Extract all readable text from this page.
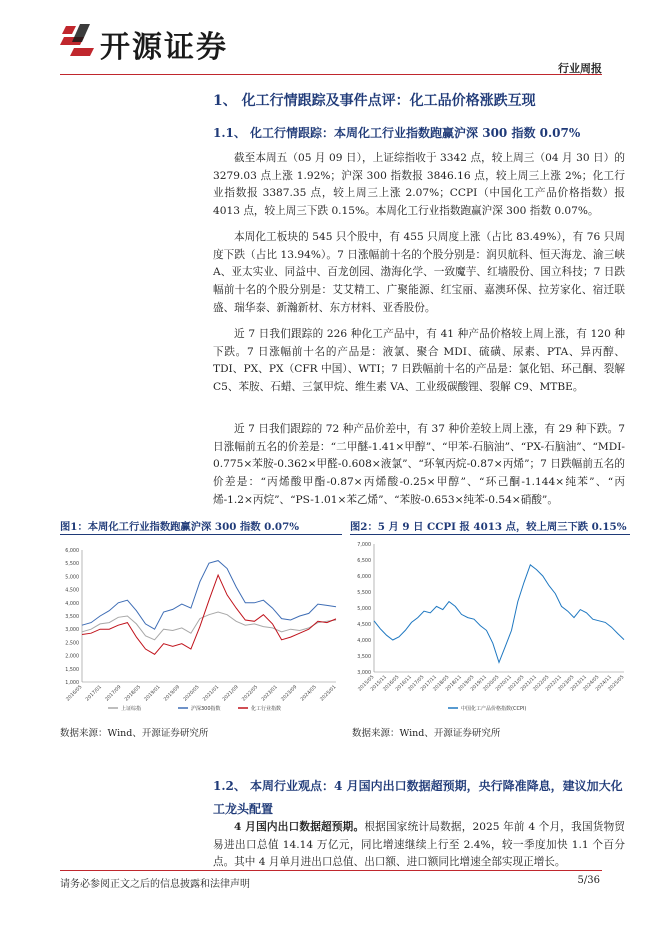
开源证券
行业周报
1、 化工行情跟踪及事件点评：化工品价格涨跌互现
1.1、 化工行情跟踪：本周化工行业指数跑赢沪深 300 指数 0.07%

截至本周五（05 月 09 日），上证综指收于 3342 点，较上周三（04 月 30 日）的 3279.03 点上涨 1.92%；沪深 300 指数报 3846.16 点，较上周三上涨 2%；化工行业指数报 3387.35 点，较上周三上涨 2.07%；CCPI（中国化工产品价格指数）报 4013 点，较上周三下跌 0.15%。本周化工行业指数跑赢沪深 300 指数 0.07%。

本周化工板块的 545 只个股中，有 455 只周度上涨（占比 83.49%），有 76 只周度下跌（占比 13.94%）。7 日涨幅前十名的个股分别是：润贝航科、恒天海龙、渝三峡 A、亚太实业、同益中、百龙创园、渤海化学、一致魔芋、红墙股份、国立科技；7 日跌幅前十名的个股分别是：艾艾精工、广聚能源、红宝丽、嘉澳环保、拉芳家化、宿迁联盛、瑞华泰、新瀚新材、东方材料、亚香股份。

近 7 日我们跟踪的 226 种化工产品中，有 41 种产品价格较上周上涨，有 120 种下跌。7 日涨幅前十名的产品是：液氯、聚合 MDI、硫磺、尿素、PTA、异丙醇、TDI、PX、PX（CFR 中国）、WTI；7 日跌幅前十名的产品是：氯化铝、环己酮、裂解 C5、苯胺、石蜡、三氯甲烷、维生素 VA、工业级碳酸锂、裂解 C9、MTBE。

近 7 日我们跟踪的 72 种产品价差中，有 37 种价差较上周上涨，有 29 种下跌。7 日涨幅前五名的价差是：“二甲醚-1.41×甲醇”、“甲苯-石脑油”、“PX-石脑油”、“MDI-0.775×苯胺-0.362×甲醛-0.608×液氯”、“环氧丙烷-0.87×丙烯”；7 日跌幅前五名的价差是：“丙烯酸甲酯-0.87×丙烯酸-0.25×甲醇”、“环己酮-1.144×纯苯”、“丙烯-1.2×丙烷”、“PS-1.01×苯乙烯”、“苯胺-0.653×纯苯-0.54×硝酸”。

图1：本周化工行业指数跑赢沪深 300 指数 0.07%

6,000
5,500
5,000
4,500
4,000
3,500
3,000
2,500
2,000
1,500
1,000
2016/05 2017/01 2017/09 2018/05 2019/01 2019/09 2020/05 2021/01 2021/09 2022/05 2023/01 2023/09 2024/05 2025/01
上证综指	沪深300指数	化工行业指数
数据来源：Wind、开源证券研究所

图2：5 月 9 日 CCPI 报 4013 点，较上周三下跌 0.15%

7,000
6,500
6,000
5,500
5,000
4,500
4,000
3,500
3,000
2015/05
2015/11
2016/05
2016/11
2017/05
2017/11
2018/05
2018/11
2019/05
2019/11
2020/05
2020/11
2021/05
2021/11
2022/05
2022/11
2023/05
2023/11
2024/05
2024/11
2025/05
中国化工产品价格指数(CCPI)
数据来源：Wind、开源证券研究所
1.2、 本周行业观点：4 月国内出口数据超预期，央行降准降息，建议加大化工龙头配置

4 月国内出口数据超预期。根据国家统计局数据，2025 年前 4 个月，我国货物贸易进出口总值 14.14 万亿元，同比增速继续上行至 2.4%，较一季度加快 1.1 个百分点。其中 4 月单月进出口总值、出口额、进口额同比增速全部实现正增长。

请务必参阅正文之后的信息披露和法律声明	5/36
